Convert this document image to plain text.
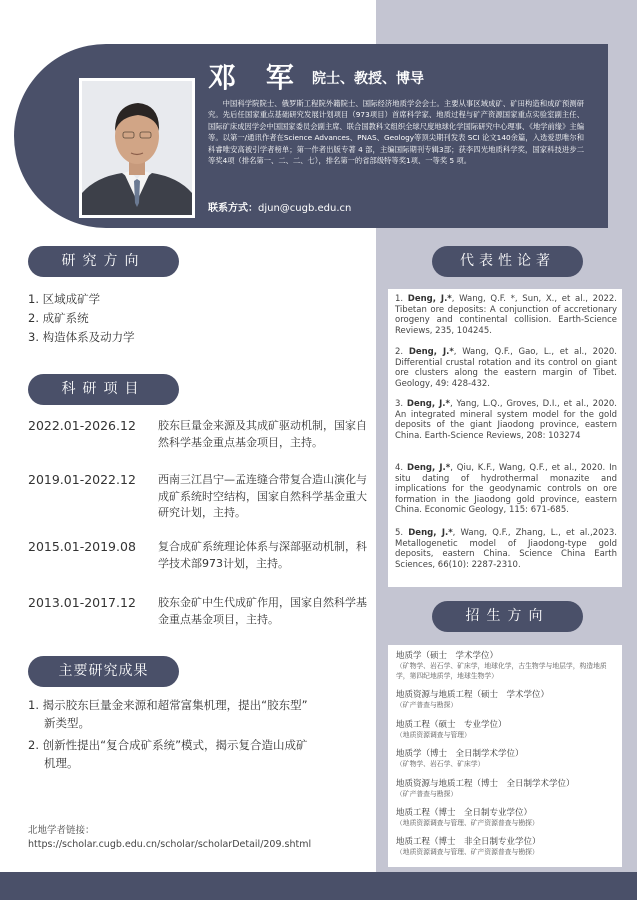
邓 军 院士、教授、博导

中国科学院院士、俄罗斯工程院外籍院士、国际经济地质学会会士。主要从事区域成矿、矿田构造和成矿预测研究。先后任国家重点基础研究发展计划项目（973项目）首席科学家、地质过程与矿产资源国家重点实验室副主任、国际矿床成因学会中国国家委员会副主席、联合国教科文组织全球尺度地球化学国际研究中心理事、《地学前缘》主编等。以第一/通讯作者在Science Advances、PNAS、Geology等顶尖期刊发表 SCI 论文140余篇，入选爱思唯尔和科睿唯安高被引学者榜单；第一作者出版专著 4 部，主编国际期刊专辑3部；获李四光地质科学奖，国家科技进步二等奖4项（排名第一、二、二、七），排名第一的省部级特等奖1项、一等奖 5 项。

联系方式：djun@cugb.edu.cn
研究方向
1. 区域成矿学
2. 成矿系统
3. 构造体系及动力学
科研项目
2022.01-2026.12 胶东巨量金来源及其成矿驱动机制，国家自然科学基金重点基金项目，主持。
2019.01-2022.12 西南三江昌宁—孟连缝合带复合造山演化与成矿系统时空结构，国家自然科学基金重大研究计划，主持。
2015.01-2019.08 复合成矿系统理论体系与深部驱动机制，科学技术部973计划，主持。
2013.01-2017.12 胶东金矿中生代成矿作用，国家自然科学基金重点基金项目，主持。
主要研究成果
1. 揭示胶东巨量金来源和超常富集机理，提出“胶东型”
新类型。
2. 创新性提出“复合成矿系统”模式，揭示复合造山成矿
机理。
北地学者链接：
https://scholar.cugb.edu.cn/scholar/scholarDetail/209.shtml
代表性论著
1. Deng, J.*, Wang, Q.F. *, Sun, X., et al., 2022. Tibetan ore deposits: A conjunction of accretionary orogeny and continental collision. Earth-Science Reviews, 235, 104245.
2. Deng, J.*, Wang, Q.F., Gao, L., et al., 2020. Differential crustal rotation and its control on giant ore clusters along the eastern margin of Tibet. Geology, 49: 428-432.
3. Deng, J.*, Yang, L.Q., Groves, D.I., et al., 2020. An integrated mineral system model for the gold deposits of the giant Jiaodong province, eastern China. Earth-Science Reviews, 208: 103274
4. Deng, J.*, Qiu, K.F., Wang, Q.F., et al., 2020. In situ dating of hydrothermal monazite and implications for the geodynamic controls on ore formation in the Jiaodong gold province, eastern China. Economic Geology, 115: 671-685.
5. Deng, J.*, Wang, Q.F., Zhang, L., et al.,2023. Metallogenetic model of Jiaodong-type gold deposits, eastern China. Science China Earth Sciences, 66(10): 2287-2310.
招生方向
地质学（硕士　学术学位）
（矿物学、岩石学、矿床学，地球化学，古生物学与地层学，构造地质学，第四纪地质学，地球生物学）
地质资源与地质工程（硕士　学术学位）
（矿产普查与勘探）
地质工程（硕士　专业学位）
（地质资源调查与管理）
地质学（博士　全日制学术学位）
（矿物学、岩石学、矿床学）
地质资源与地质工程（博士　全日制学术学位）
（矿产普查与勘探）
地质工程（博士　全日制专业学位）
（地质资源调查与管理、矿产资源普查与勘探）
地质工程（博士　非全日制专业学位）
（地质资源调查与管理、矿产资源普查与勘探）
